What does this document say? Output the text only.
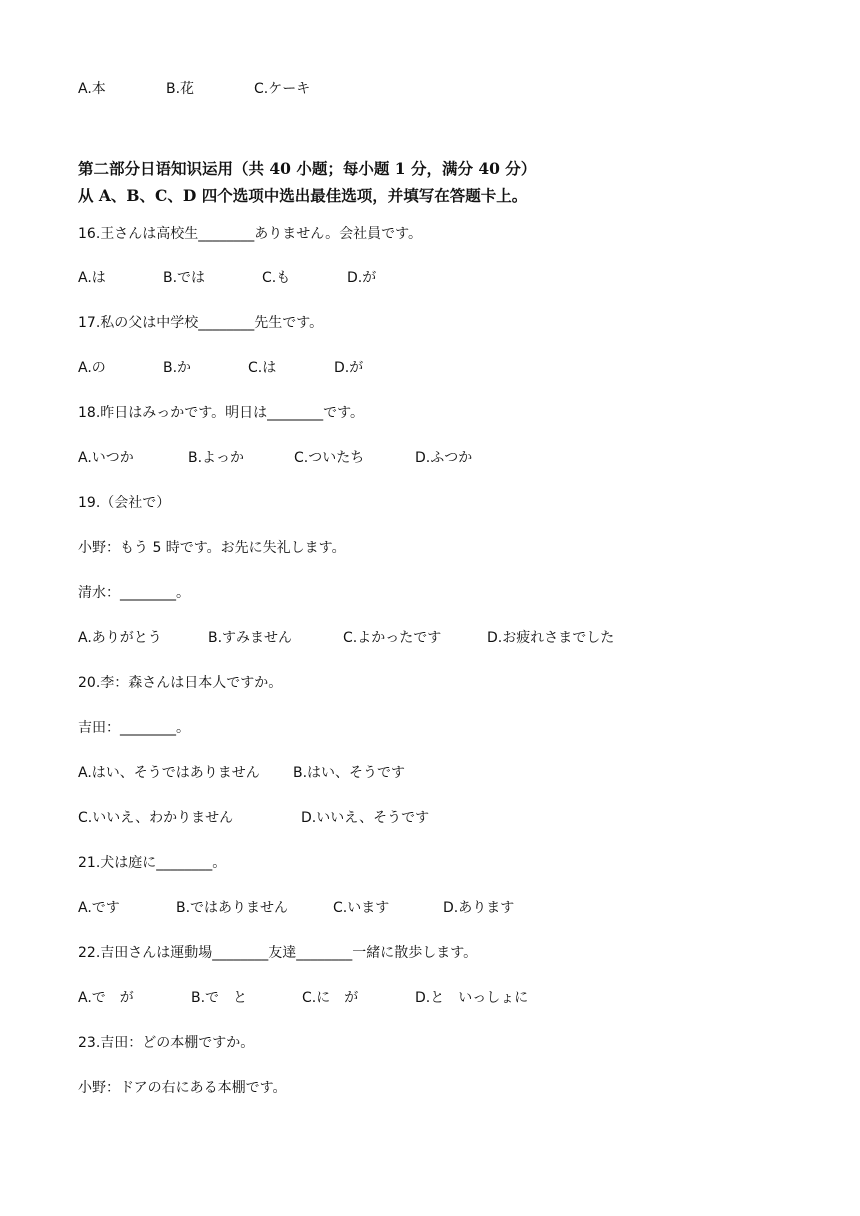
A.本	B.花	C.ケーキ
第二部分日语知识运用（共 40 小题；每小题 1 分，满分 40 分）
从 A、B、C、D 四个选项中选出最佳选项，并填写在答题卡上。
16.王さんは高校生________ありません。会社員です。
A.は	B.では	C.も	D.が
17.私の父は中学校________先生です。
A.の	B.か	C.は	D.が
18.昨日はみっかです。明日は________です。
A.いつか	B.よっか	C.ついたち	D.ふつか
19.（会社で）
小野：もう 5 時です。お先に失礼します。
清水：________。
A.ありがとう	B.すみません	C.よかったです	D.お疲れさまでした
20.李：森さんは日本人ですか。
吉田：________。
A.はい、そうではありません B.はい、そうです
C.いいえ、わかりません	D.いいえ、そうです
21.犬は庭に________。
A.です	B.ではありません	C.います	D.あります
22.吉田さんは運動場________友達________一緒に散歩します。
A.で　が	B.で　と	C.に　が	D.と　いっしょに
23.吉田：どの本棚ですか。
小野：ドアの右にある本棚です。
